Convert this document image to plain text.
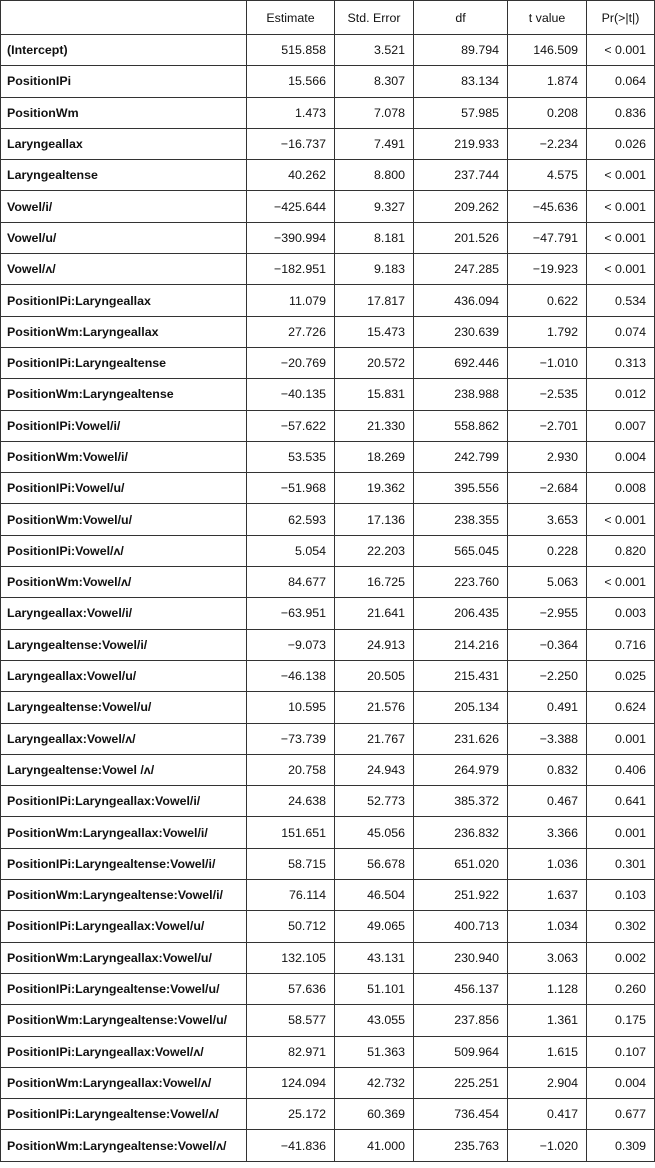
	Estimate	Std. Error	df	t value	Pr(>|t|)
(Intercept)	515.858	3.521	89.794	146.509	< 0.001
PositionIPi	15.566	8.307	83.134	1.874	0.064
PositionWm	1.473	7.078	57.985	0.208	0.836
Laryngeallax	−16.737	7.491	219.933	−2.234	0.026
Laryngealtense	40.262	8.800	237.744	4.575	< 0.001
Vowel/i/	−425.644	9.327	209.262	−45.636	< 0.001
Vowel/u/	−390.994	8.181	201.526	−47.791	< 0.001
Vowel/ʌ/	−182.951	9.183	247.285	−19.923	< 0.001
PositionIPi:Laryngeallax	11.079	17.817	436.094	0.622	0.534
PositionWm:Laryngeallax	27.726	15.473	230.639	1.792	0.074
PositionIPi:Laryngealtense	−20.769	20.572	692.446	−1.010	0.313
PositionWm:Laryngealtense	−40.135	15.831	238.988	−2.535	0.012
PositionIPi:Vowel/i/	−57.622	21.330	558.862	−2.701	0.007
PositionWm:Vowel/i/	53.535	18.269	242.799	2.930	0.004
PositionIPi:Vowel/u/	−51.968	19.362	395.556	−2.684	0.008
PositionWm:Vowel/u/	62.593	17.136	238.355	3.653	< 0.001
PositionIPi:Vowel/ʌ/	5.054	22.203	565.045	0.228	0.820
PositionWm:Vowel/ʌ/	84.677	16.725	223.760	5.063	< 0.001
Laryngeallax:Vowel/i/	−63.951	21.641	206.435	−2.955	0.003
Laryngealtense:Vowel/i/	−9.073	24.913	214.216	−0.364	0.716
Laryngeallax:Vowel/u/	−46.138	20.505	215.431	−2.250	0.025
Laryngealtense:Vowel/u/	10.595	21.576	205.134	0.491	0.624
Laryngeallax:Vowel/ʌ/	−73.739	21.767	231.626	−3.388	0.001
Laryngealtense:Vowel /ʌ/	20.758	24.943	264.979	0.832	0.406
PositionIPi:Laryngeallax:Vowel/i/	24.638	52.773	385.372	0.467	0.641
PositionWm:Laryngeallax:Vowel/i/	151.651	45.056	236.832	3.366	0.001
PositionIPi:Laryngealtense:Vowel/i/	58.715	56.678	651.020	1.036	0.301
PositionWm:Laryngealtense:Vowel/i/	76.114	46.504	251.922	1.637	0.103
PositionIPi:Laryngeallax:Vowel/u/	50.712	49.065	400.713	1.034	0.302
PositionWm:Laryngeallax:Vowel/u/	132.105	43.131	230.940	3.063	0.002
PositionIPi:Laryngealtense:Vowel/u/	57.636	51.101	456.137	1.128	0.260
PositionWm:Laryngealtense:Vowel/u/	58.577	43.055	237.856	1.361	0.175
PositionIPi:Laryngeallax:Vowel/ʌ/	82.971	51.363	509.964	1.615	0.107
PositionWm:Laryngeallax:Vowel/ʌ/	124.094	42.732	225.251	2.904	0.004
PositionIPi:Laryngealtense:Vowel/ʌ/	25.172	60.369	736.454	0.417	0.677
PositionWm:Laryngealtense:Vowel/ʌ/	−41.836	41.000	235.763	−1.020	0.309
